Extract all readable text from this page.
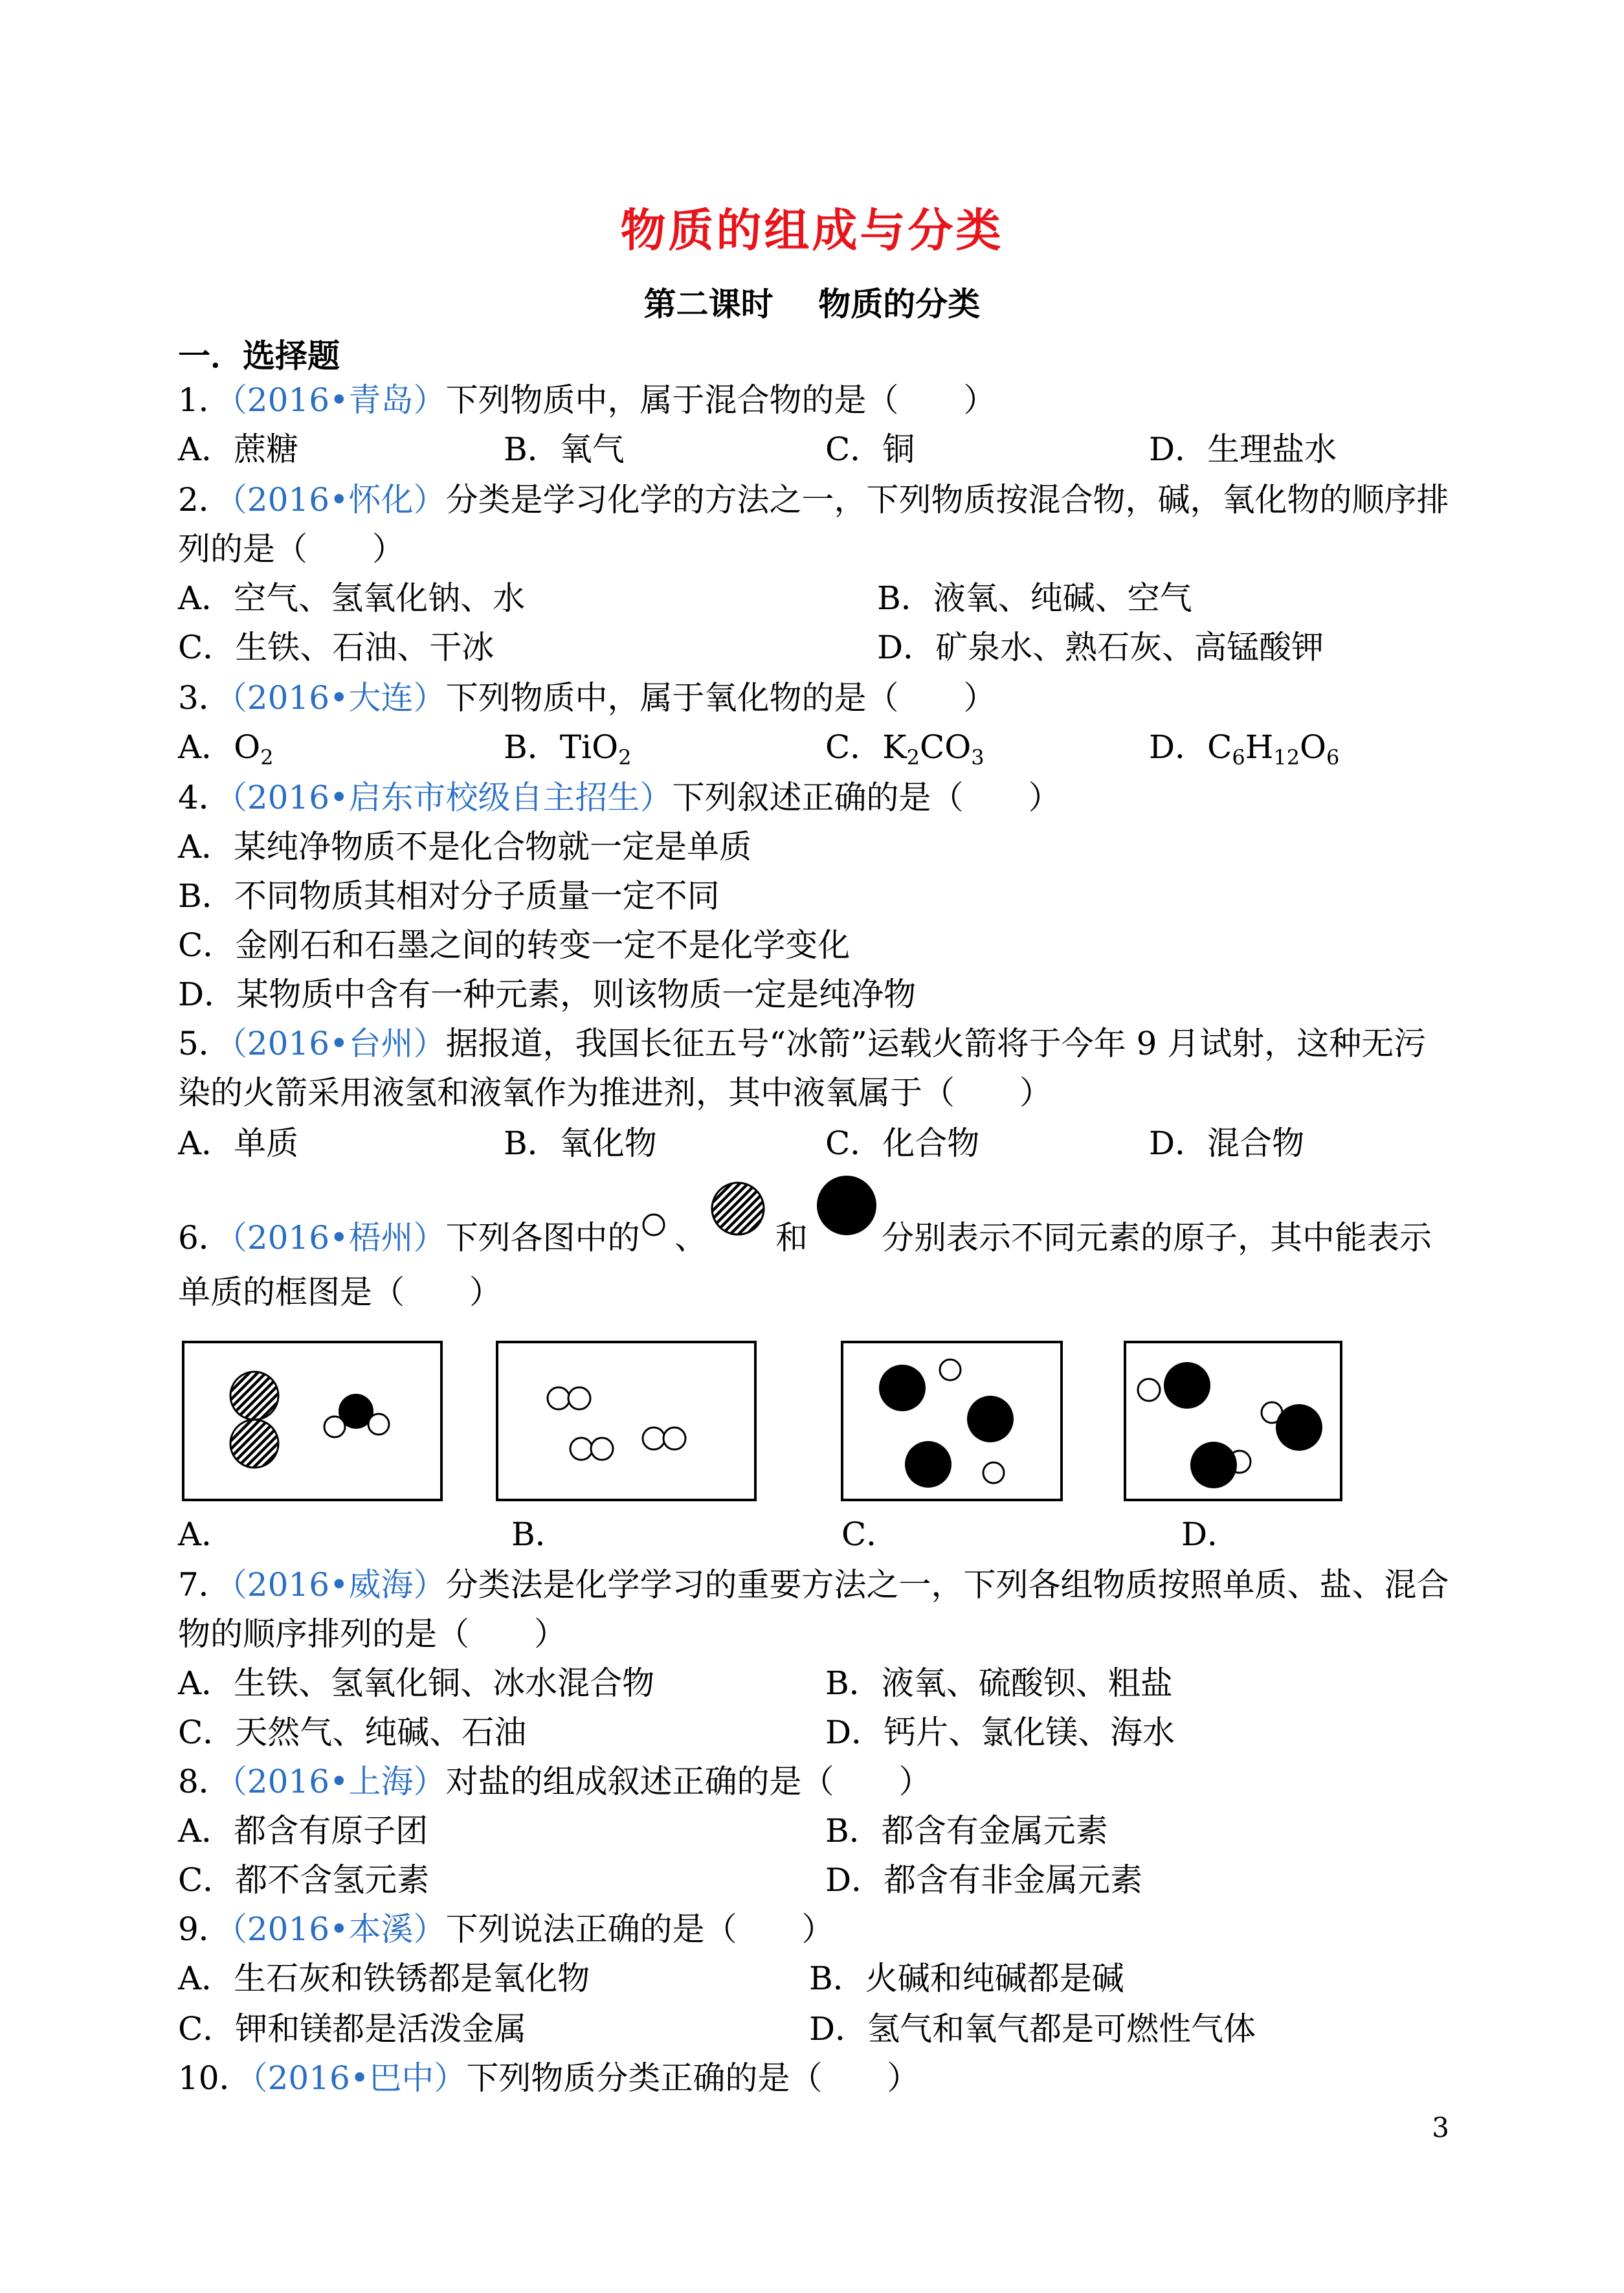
物质的组成与分类
第二课时    物质的分类
一．选择题
1．（2016•青岛）下列物质中，属于混合物的是（　　）
A．蔗糖	B．氧气	C．铜	D．生理盐水
2．（2016•怀化）分类是学习化学的方法之一，下列物质按混合物，碱，氧化物的顺序排
列的是（　　）
A．空气、氢氧化钠、水	B．液氧、纯碱、空气
C．生铁、石油、干冰	D．矿泉水、熟石灰、高锰酸钾
3．（2016•大连）下列物质中，属于氧化物的是（　　）
A．$O_2$	B．TiO$_2$	C．$K_2CO_3$	D．$C_6H_{12}O_6$
4．（2016•启东市校级自主招生）下列叙述正确的是（　　）
A．某纯净物质不是化合物就一定是单质
B．不同物质其相对分子质量一定不同
C．金刚石和石墨之间的转变一定不是化学变化
D．某物质中含有一种元素，则该物质一定是纯净物
5．（2016•台州）据报道，我国长征五号“冰箭”运载火箭将于今年 9 月试射，这种无污
染的火箭采用液氢和液氧作为推进剂，其中液氧属于（　　）
A．单质	B．氧化物	C．化合物	D．混合物
6．（2016•梧州）下列各图中的 、 和 分别表示不同元素的原子，其中能表示
单质的框图是（　　）
A．	B．	C．	D．
7．（2016•威海）分类法是化学学习的重要方法之一，下列各组物质按照单质、盐、混合
物的顺序排列的是（　　）
A．生铁、氢氧化铜、冰水混合物	B．液氧、硫酸钡、粗盐
C．天然气、纯碱、石油	D．钙片、氯化镁、海水
8．（2016•上海）对盐的组成叙述正确的是（　　）
A．都含有原子团	B．都含有金属元素
C．都不含氢元素	D．都含有非金属元素
9．（2016•本溪）下列说法正确的是（　　）
A．生石灰和铁锈都是氧化物	B．火碱和纯碱都是碱
C．钾和镁都是活泼金属	D．氢气和氧气都是可燃性气体
10．（2016•巴中）下列物质分类正确的是（　　）
3
